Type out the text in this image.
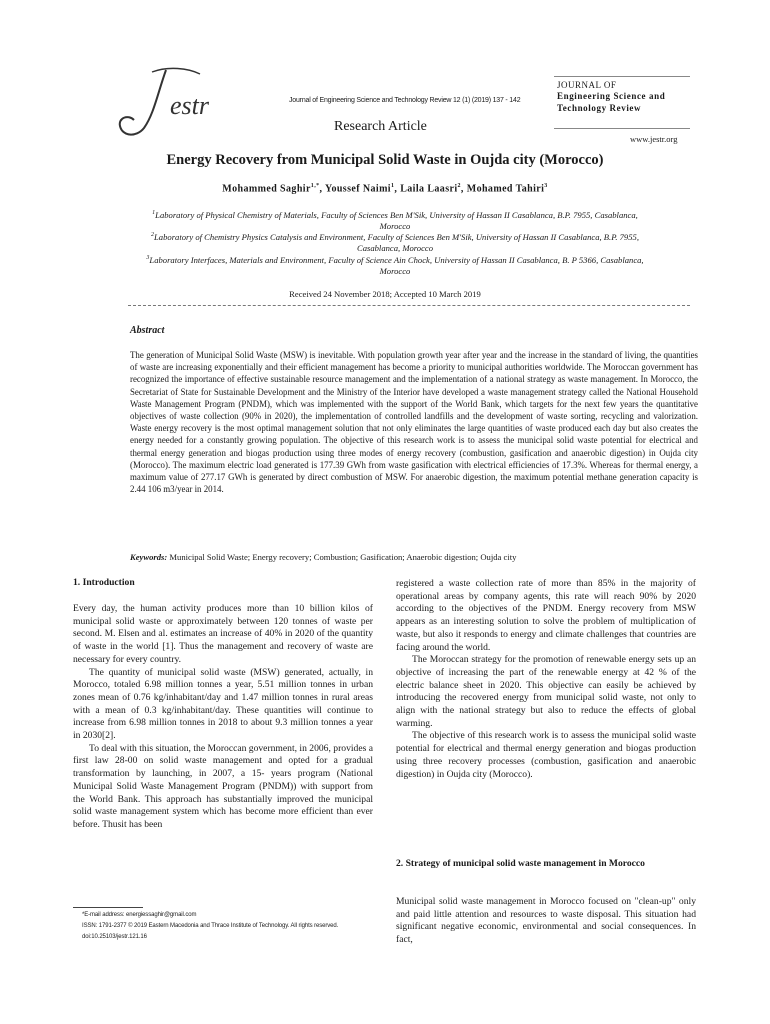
estr	Journal of Engineering Science and Technology Review 12 (1) (2019) 137 - 142
Research Article
JOURNAL OF
Engineering Science and
Technology Review
www.jestr.org
Energy Recovery from Municipal Solid Waste in Oujda city (Morocco)
Mohammed Saghir$^{1,*}$, Youssef Naimi$^1$, Laila Laasri$^2$, Mohamed Tahiri$^3$
$^1$Laboratory of Physical Chemistry of Materials, Faculty of Sciences Ben M'Sik, University of Hassan II Casablanca, B.P. 7955, Casablanca, Morocco
$^2$Laboratory of Chemistry Physics Catalysis and Environment, Faculty of Sciences Ben M'Sik, University of Hassan II Casablanca, B.P. 7955, Casablanca, Morocco
$^3$Laboratory Interfaces, Materials and Environment, Faculty of Science Ain Chock, University of Hassan II Casablanca, B. P 5366, Casablanca, Morocco
Received 24 November 2018; Accepted 10 March 2019
Abstract
The generation of Municipal Solid Waste (MSW) is inevitable. With population growth year after year and the increase in the standard of living, the quantities of waste are increasing exponentially and their efficient management has become a priority to municipal authorities worldwide. The Moroccan government has recognized the importance of effective sustainable resource management and the implementation of a national strategy as waste management. In Morocco, the Secretariat of State for Sustainable Development and the Ministry of the Interior have developed a waste management strategy called the National Household Waste Management Program (PNDM), which was implemented with the support of the World Bank, which targets for the next few years the quantitative objectives of waste collection (90% in 2020), the implementation of controlled landfills and the development of waste sorting, recycling and valorization. Waste energy recovery is the most optimal management solution that not only eliminates the large quantities of waste produced each day but also creates the energy needed for a constantly growing population. The objective of this research work is to assess the municipal solid waste potential for electrical and thermal energy generation and biogas production using three modes of energy recovery (combustion, gasification and anaerobic digestion) in Oujda city (Morocco). The maximum electric load generated is 177.39 GWh from waste gasification with electrical efficiencies of 17.3%. Whereas for thermal energy, a maximum value of 277.17 GWh is generated by direct combustion of MSW. For anaerobic digestion, the maximum potential methane generation capacity is 2.44 106 m3/year in 2014.
Keywords: Municipal Solid Waste; Energy recovery; Combustion; Gasification; Anaerobic digestion; Oujda city
1. Introduction

Every day, the human activity produces more than 10 billion kilos of municipal solid waste or approximately between 120 tonnes of waste per second. M. Elsen and al. estimates an increase of 40% in 2020 of the quantity of waste in the world [1]. Thus the management and recovery of waste are necessary for every country.

The quantity of municipal solid waste (MSW) generated, actually, in Morocco, totaled 6.98 million tonnes a year, 5.51 million tonnes in urban zones mean of 0.76 kg/inhabitant/day and 1.47 million tonnes in rural areas with a mean of 0.3 kg/inhabitant/day. These quantities will continue to increase from 6.98 million tonnes in 2018 to about 9.3 million tonnes a year in 2030[2].

To deal with this situation, the Moroccan government, in 2006, provides a first law 28-00 on solid waste management and opted for a gradual transformation by launching, in 2007, a 15- years program (National Municipal Solid Waste Management Program (PNDM)) with support from the World Bank. This approach has substantially improved the municipal solid waste management system which has become more efficient than ever before. Thusit has been

registered a waste collection rate of more than 85% in the majority of operational areas by company agents, this rate will reach 90% by 2020 according to the objectives of the PNDM. Energy recovery from MSW appears as an interesting solution to solve the problem of multiplication of waste, but also it responds to energy and climate challenges that countries are facing around the world.

The Moroccan strategy for the promotion of renewable energy sets up an objective of increasing the part of the renewable energy at 42 % of the electric balance sheet in 2020. This objective can easily be achieved by introducing the recovered energy from municipal solid waste, not only to align with the national strategy but also to reduce the effects of global warming.

The objective of this research work is to assess the municipal solid waste potential for electrical and thermal energy generation and biogas production using three recovery processes (combustion, gasification and anaerobic digestion) in Oujda city (Morocco).

2. Strategy of municipal solid waste management in Morocco

Municipal solid waste management in Morocco focused on "clean-up" only and paid little attention and resources to waste disposal. This situation had significant negative economic, environmental and social consequences. In fact,

*E-mail address: energiessaghir@gmail.com
ISSN: 1791-2377 © 2019 Eastern Macedonia and Thrace Institute of Technology. All rights reserved.
doi:10.25103/jestr.121.16
